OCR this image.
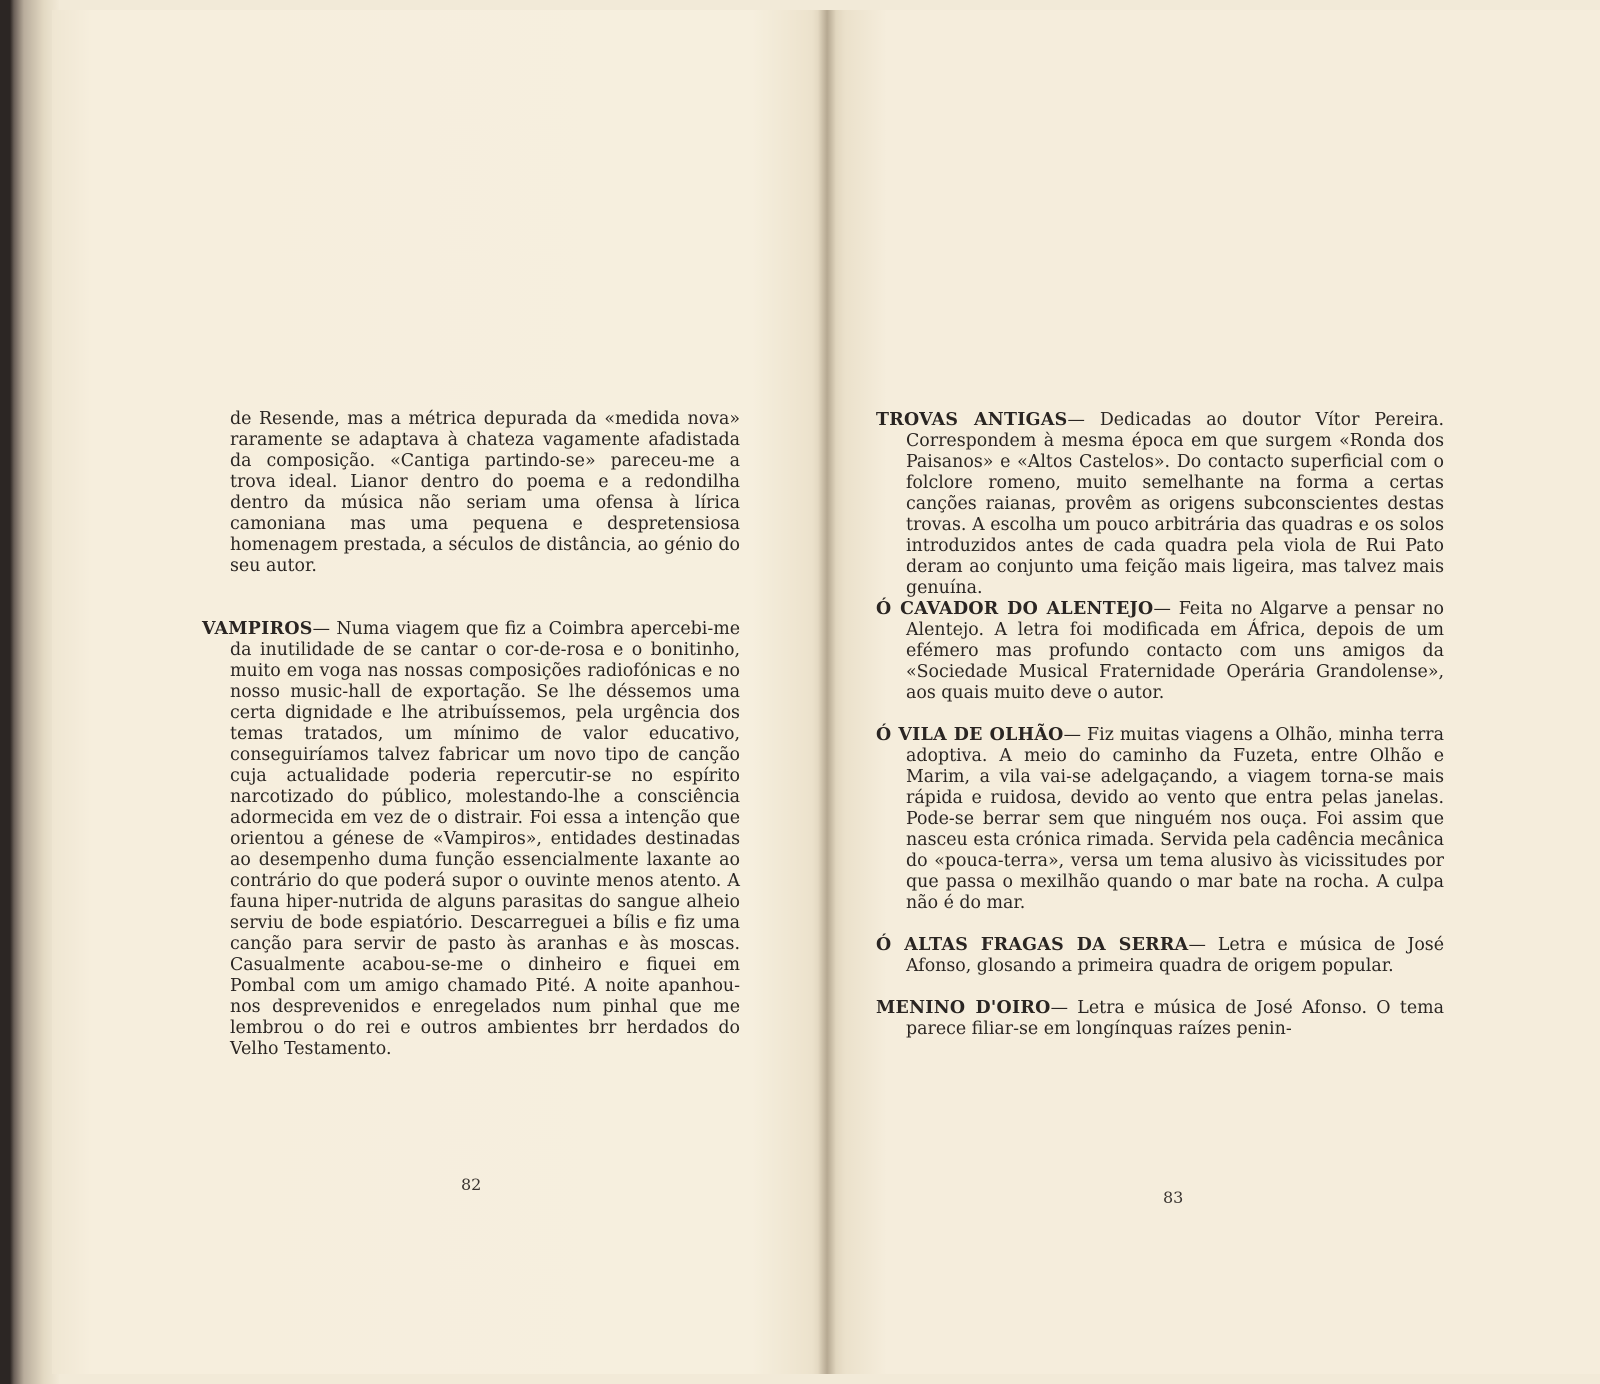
de Resende, mas a métrica depurada da «medida nova» raramente se adaptava à chateza vagamente afadistada da composição. «Cantiga partindo-se» pareceu-me a trova ideal. Lianor dentro do poema e a redondilha dentro da música não seriam uma ofensa à lírica camoniana mas uma pequena e despretensiosa homenagem prestada, a séculos de distância, ao génio do seu autor.

VAMPIROS— Numa viagem que fiz a Coimbra apercebi-me da inutilidade de se cantar o cor-de-rosa e o bonitinho, muito em voga nas nossas composições radiofónicas e no nosso music-hall de exportação. Se lhe déssemos uma certa dignidade e lhe atribuíssemos, pela urgência dos temas tratados, um mínimo de valor educativo, conseguiríamos talvez fabricar um novo tipo de canção cuja actualidade poderia repercutir-se no espírito narcotizado do público, molestando-lhe a consciência adormecida em vez de o distrair. Foi essa a intenção que orientou a génese de «Vampiros», entidades destinadas ao desempenho duma função essencialmente laxante ao contrário do que poderá supor o ouvinte menos atento. A fauna hiper-nutrida de alguns parasitas do sangue alheio serviu de bode espiatório. Descarreguei a bílis e fiz uma canção para servir de pasto às aranhas e às moscas. Casualmente acabou-se-me o dinheiro e fiquei em Pombal com um amigo chamado Pité. A noite apanhou-nos desprevenidos e enregelados num pinhal que me lembrou o do rei e outros ambientes brr herdados do Velho Testamento.

TROVAS ANTIGAS— Dedicadas ao doutor Vítor Pereira. Correspondem à mesma época em que surgem «Ronda dos Paisanos» e «Altos Castelos». Do contacto superficial com o folclore romeno, muito semelhante na forma a certas canções raianas, provêm as origens subconscientes destas trovas. A escolha um pouco arbitrária das quadras e os solos introduzidos antes de cada quadra pela viola de Rui Pato deram ao conjunto uma feição mais ligeira, mas talvez mais genuína.

Ó CAVADOR DO ALENTEJO— Feita no Algarve a pensar no Alentejo. A letra foi modificada em África, depois de um efémero mas profundo contacto com uns amigos da «Sociedade Musical Fraternidade Operária Grandolense», aos quais muito deve o autor.

Ó VILA DE OLHÃO— Fiz muitas viagens a Olhão, minha terra adoptiva. A meio do caminho da Fuzeta, entre Olhão e Marim, a vila vai-se adelgaçando, a viagem torna-se mais rápida e ruidosa, devido ao vento que entra pelas janelas. Pode-se berrar sem que ninguém nos ouça. Foi assim que nasceu esta crónica rimada. Servida pela cadência mecânica do «pouca-terra», versa um tema alusivo às vicissitudes por que passa o mexilhão quando o mar bate na rocha. A culpa não é do mar.

Ó ALTAS FRAGAS DA SERRA— Letra e música de José Afonso, glosando a primeira quadra de origem popular.

MENINO D'OIRO— Letra e música de José Afonso. O tema parece filiar-se em longínquas raízes penin-

82
83
